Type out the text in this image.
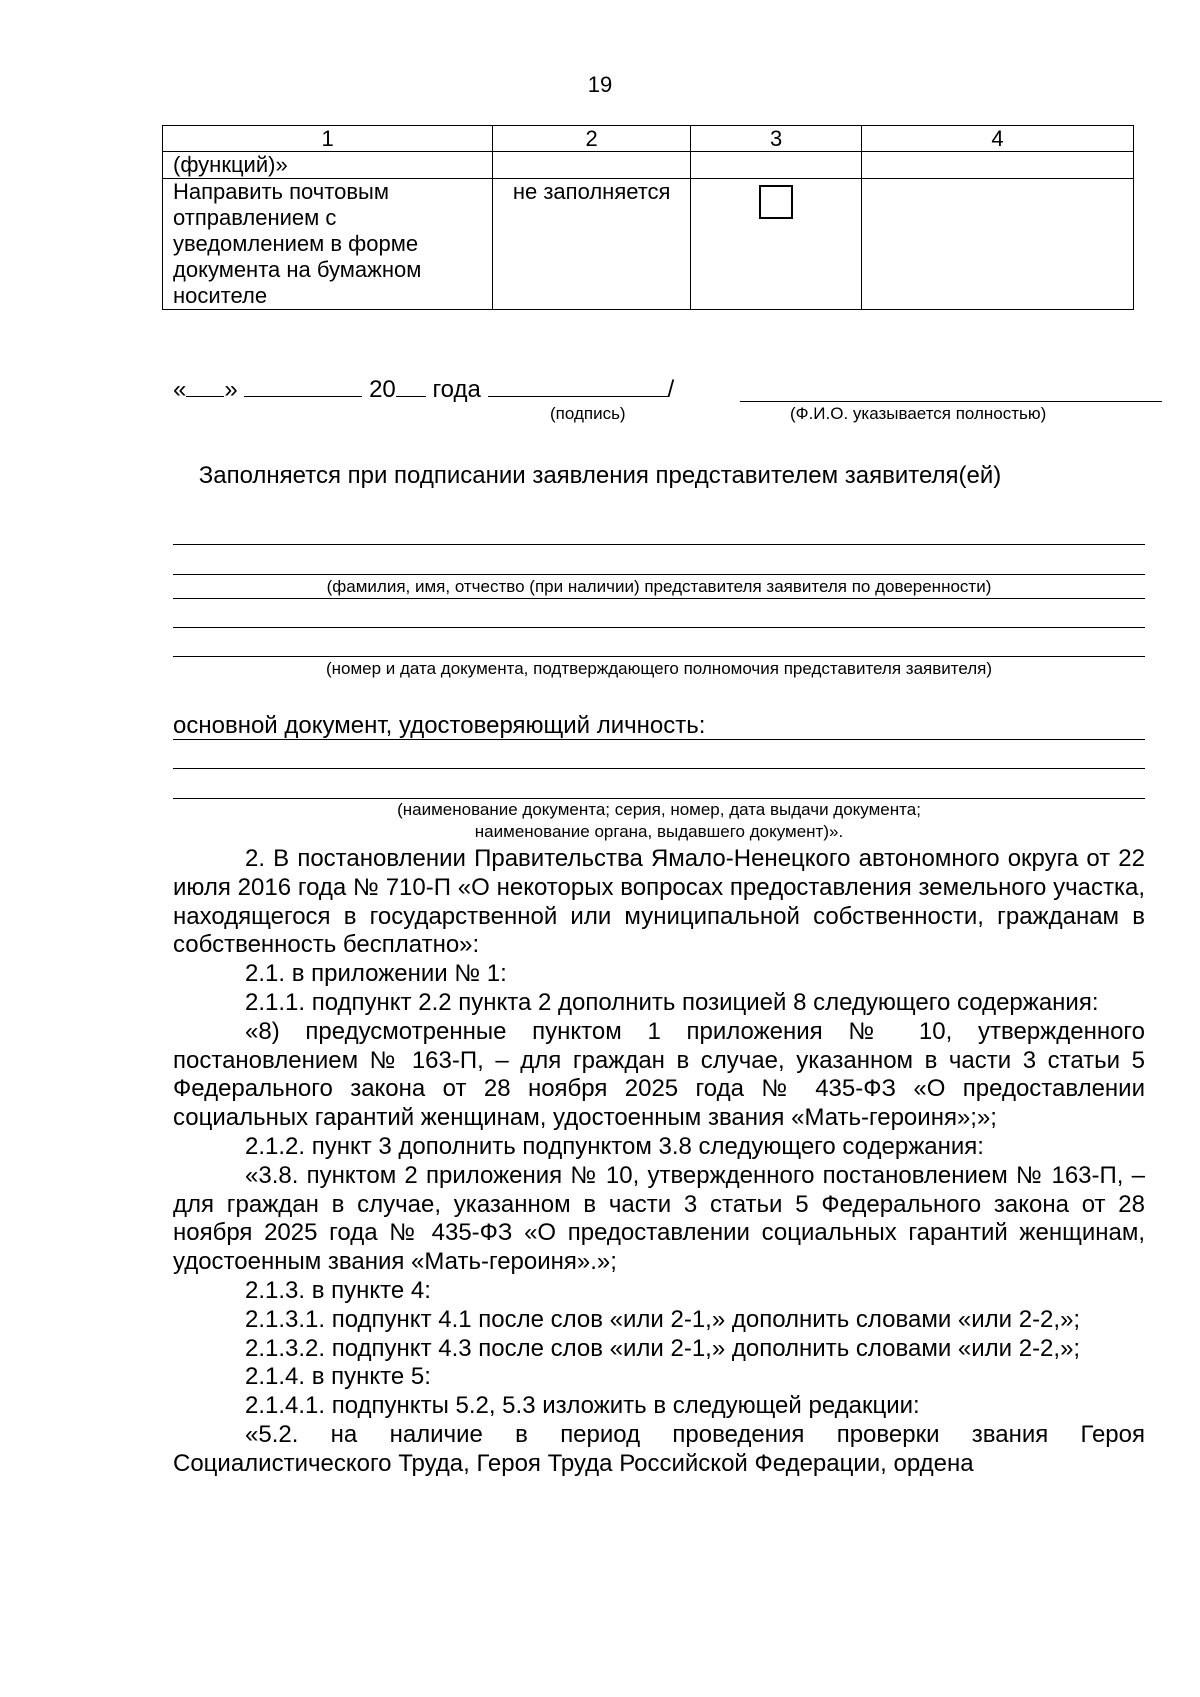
19
1	2	3	4
(функций)»			
Направить почтовым отправлением с уведомлением в форме документа на бумажном носителе	не заполняется	

« »	20 года	/
(подпись)	(Ф.И.О. указывается полностью)
Заполняется при подписании заявления представителем заявителя(ей)
(фамилия, имя, отчество (при наличии) представителя заявителя по доверенности)
(номер и дата документа, подтверждающего полномочия представителя заявителя)
основной документ, удостоверяющий личность:
(наименование документа; серия, номер, дата выдачи документа;
наименование органа, выдавшего документ)».

2. В постановлении Правительства Ямало-Ненецкого автономного округа от 22 июля 2016 года № 710-П «О некоторых вопросах предоставления земельного участка, находящегося в государственной или муниципальной собственности, гражданам в собственность бесплатно»:

2.1. в приложении № 1:

2.1.1. подпункт 2.2 пункта 2 дополнить позицией 8 следующего содержания:

«8) предусмотренные пунктом 1 приложения № 10, утвержденного постановлением № 163-П, – для граждан в случае, указанном в части 3 статьи 5 Федерального закона от 28 ноября 2025 года № 435-ФЗ «О предоставлении социальных гарантий женщинам, удостоенным звания «Мать-героиня»;»;

2.1.2. пункт 3 дополнить подпунктом 3.8 следующего содержания:

«3.8. пунктом 2 приложения № 10, утвержденного постановлением № 163-П, – для граждан в случае, указанном в части 3 статьи 5 Федерального закона от 28 ноября 2025 года № 435-ФЗ «О предоставлении социальных гарантий женщинам, удостоенным звания «Мать-героиня».»;

2.1.3. в пункте 4:

2.1.3.1. подпункт 4.1 после слов «или 2-1,» дополнить словами «или 2-2,»;

2.1.3.2. подпункт 4.3 после слов «или 2-1,» дополнить словами «или 2-2,»;

2.1.4. в пункте 5:

2.1.4.1. подпункты 5.2, 5.3 изложить в следующей редакции:

«5.2. на наличие в период проведения проверки звания Героя Социалистического Труда, Героя Труда Российской Федерации, ордена
